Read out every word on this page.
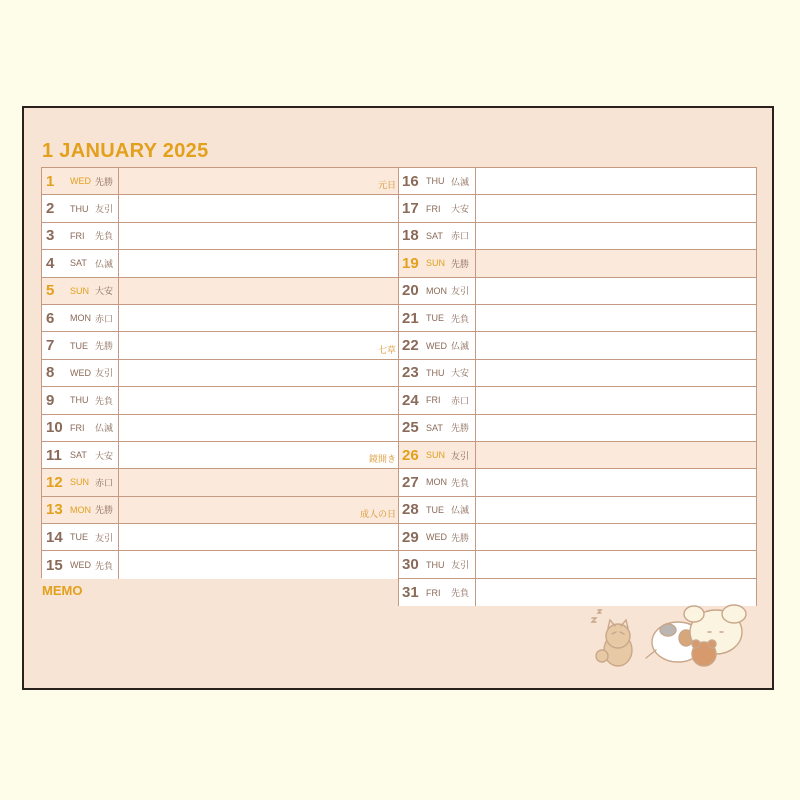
1 JANUARY 2025
1	WED 先勝	元日
2	THU 友引
3	FRI	先負
4	SAT 仏滅
5	SUN 大安
6	MON 赤口
7	TUE 先勝	七草
8	WED 友引
9	THU 先負
10 FRI	仏滅
11 SAT 大安	鏡開き
12 SUN 赤口
13 MON 先勝	成人の日
14 TUE 友引
15 WED 先負
16 THU 仏滅
17 FRI	大安
18 SAT 赤口
19 SUN 先勝
20 MON 友引
21 TUE 先負
22 WED 仏滅
23 THU 大安
24 FRI	赤口
25 SAT 先勝
26 SUN 友引
27 MON 先負
28 TUE 仏滅
29 WED 先勝
30 THU 友引
31 FRI	先負
MEMO
